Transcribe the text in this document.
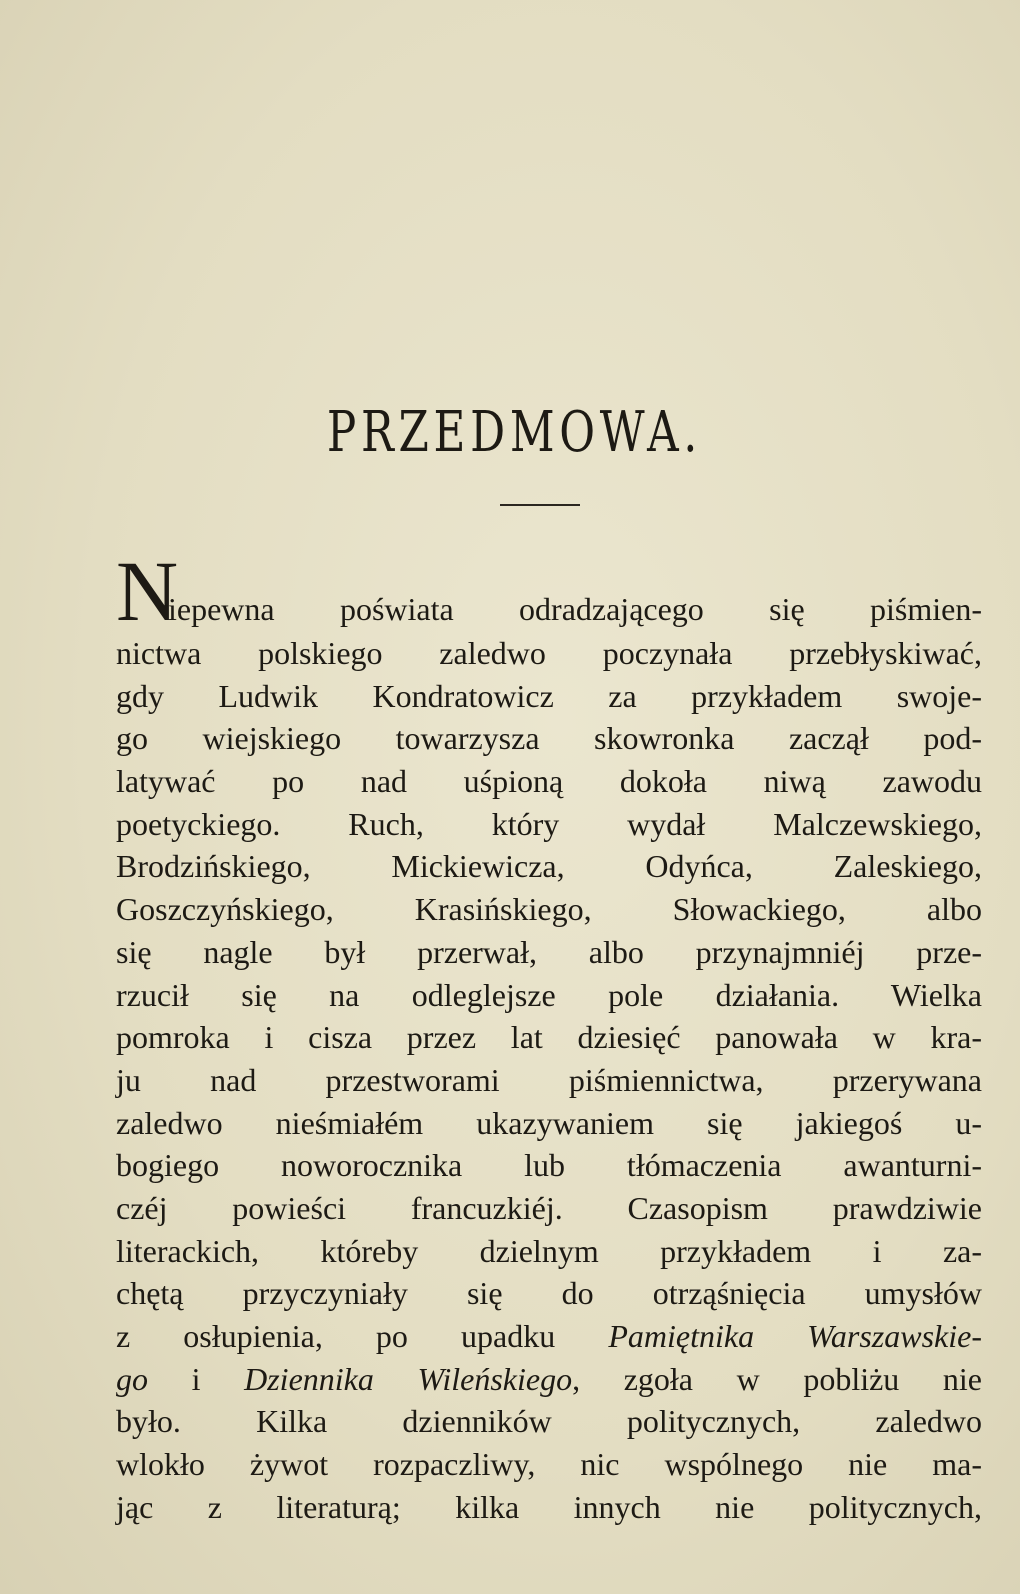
PRZEDMOWA.
N
iepewna poświata odradzającego się piśmien-
nictwa polskiego zaledwo poczynała przebłyskiwać,
gdy Ludwik Kondratowicz za przykładem swoje-
go wiejskiego towarzysza skowronka zaczął pod-
latywać po nad uśpioną dokoła niwą zawodu
poetyckiego. Ruch, który wydał Malczewskiego,
Brodzińskiego, Mickiewicza, Odyńca, Zaleskiego,
Goszczyńskiego, Krasińskiego, Słowackiego, albo
się nagle był przerwał, albo przynajmniéj prze-
rzucił się na odleglejsze pole działania. Wielka
pomroka i cisza przez lat dziesięć panowała w kra-
ju nad przestworami piśmiennictwa, przerywana
zaledwo nieśmiałém ukazywaniem się jakiegoś u-
bogiego noworocznika lub tłómaczenia awanturni-
czéj powieści francuzkiéj. Czasopism prawdziwie
literackich, któreby dzielnym przykładem i za-
chętą przyczyniały się do otrząśnięcia umysłów
z osłupienia, po upadku Pamiętnika Warszawskie-
go i Dziennika Wileńskiego, zgoła w pobliżu nie
było. Kilka dzienników politycznych, zaledwo
wlokło żywot rozpaczliwy, nic wspólnego nie ma-
jąc z literaturą; kilka innych nie politycznych,
